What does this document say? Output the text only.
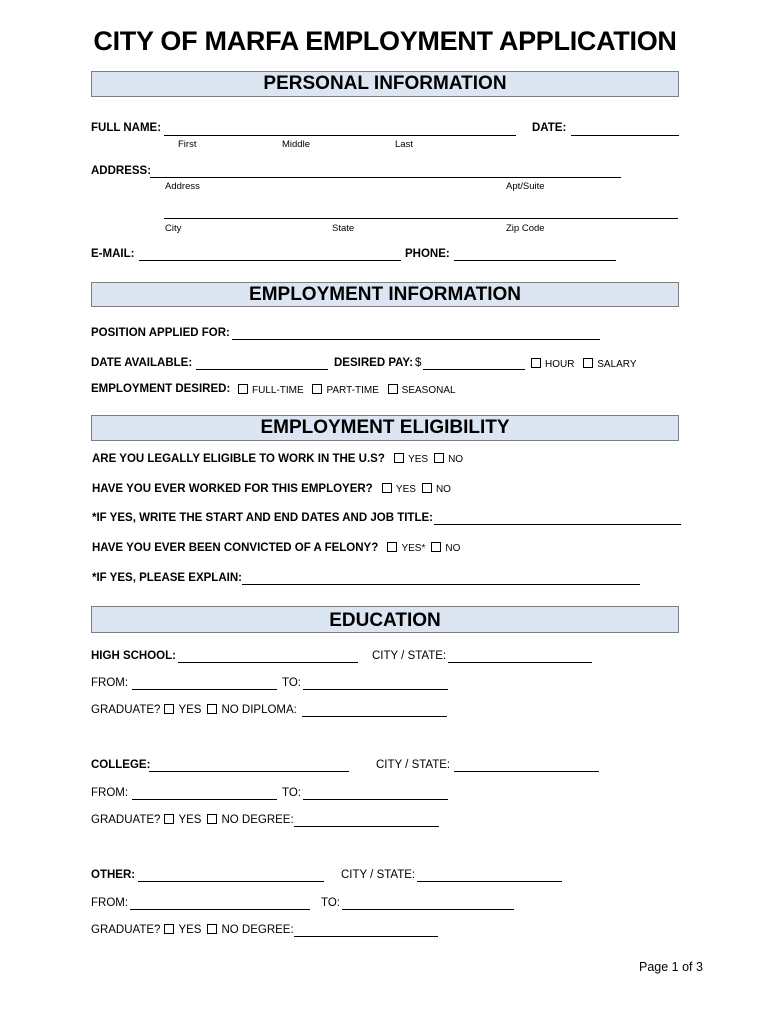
CITY OF MARFA EMPLOYMENT APPLICATION
PERSONAL INFORMATION
FULL NAME:
First	Middle	Last
DATE:
ADDRESS:
Address	Apt/Suite
City	State	Zip Code
E-MAIL:	PHONE:
EMPLOYMENT INFORMATION
POSITION APPLIED FOR:
DATE AVAILABLE:	DESIRED PAY: $	HOUR SALARY
EMPLOYMENT DESIRED:	FULL-TIME PART-TIME SEASONAL
EMPLOYMENT ELIGIBILITY
ARE YOU LEGALLY ELIGIBLE TO WORK IN THE U.S? YES NO
HAVE YOU EVER WORKED FOR THIS EMPLOYER? YES NO
*IF YES, WRITE THE START AND END DATES AND JOB TITLE:
HAVE YOU EVER BEEN CONVICTED OF A FELONY? YES* NO
*IF YES, PLEASE EXPLAIN:
EDUCATION
HIGH SCHOOL:	CITY / STATE:
FROM:	TO:
GRADUATE? YES NO DIPLOMA:
COLLEGE:	CITY / STATE:
FROM:	TO:
GRADUATE? YES NO DEGREE:
OTHER:	CITY / STATE:
FROM:	TO:
GRADUATE? YES NO DEGREE:
Page 1 of 3
